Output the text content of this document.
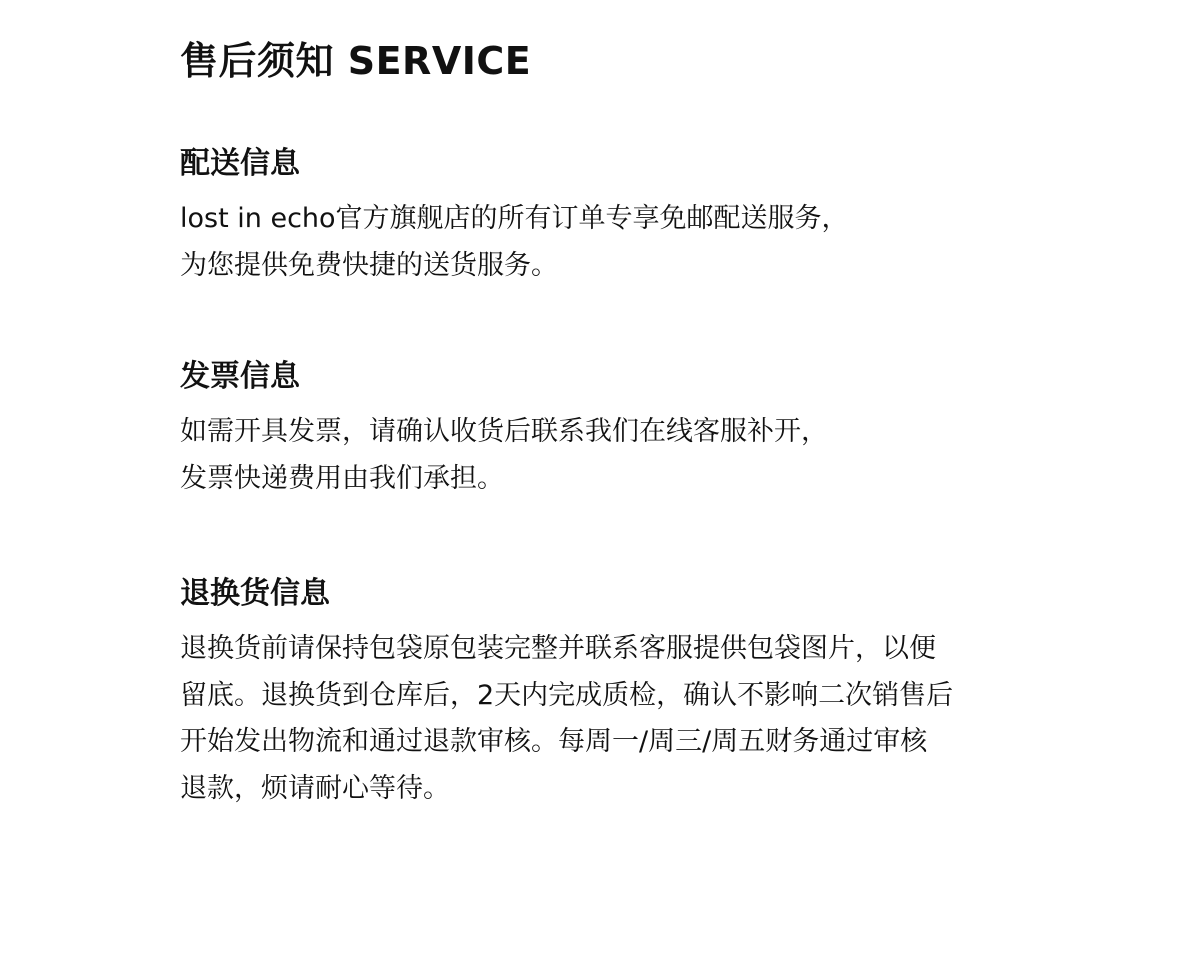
售后须知 SERVICE
配送信息
lost in echo官方旗舰店的所有订单专享免邮配送服务，
为您提供免费快捷的送货服务。
发票信息
如需开具发票，请确认收货后联系我们在线客服补开，
发票快递费用由我们承担。
退换货信息
退换货前请保持包袋原包装完整并联系客服提供包袋图片，以便
留底。退换货到仓库后，2天内完成质检，确认不影响二次销售后
开始发出物流和通过退款审核。每周一/周三/周五财务通过审核
退款，烦请耐心等待。
